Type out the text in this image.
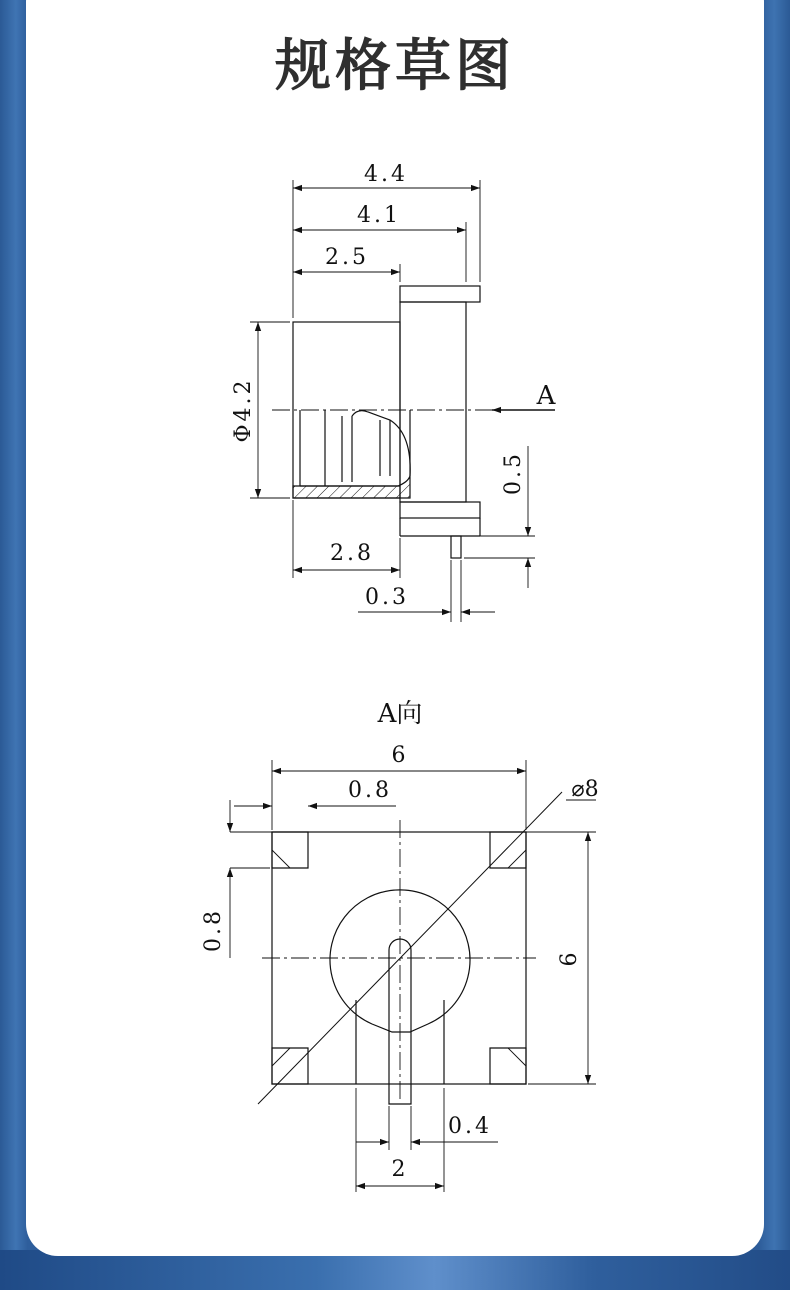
规格草图
4.4
4.1
2.5
Φ4.2	A
0.5
2.8
0.3
A向
6
0.8	⌀8
0.8
6
0.4
2
